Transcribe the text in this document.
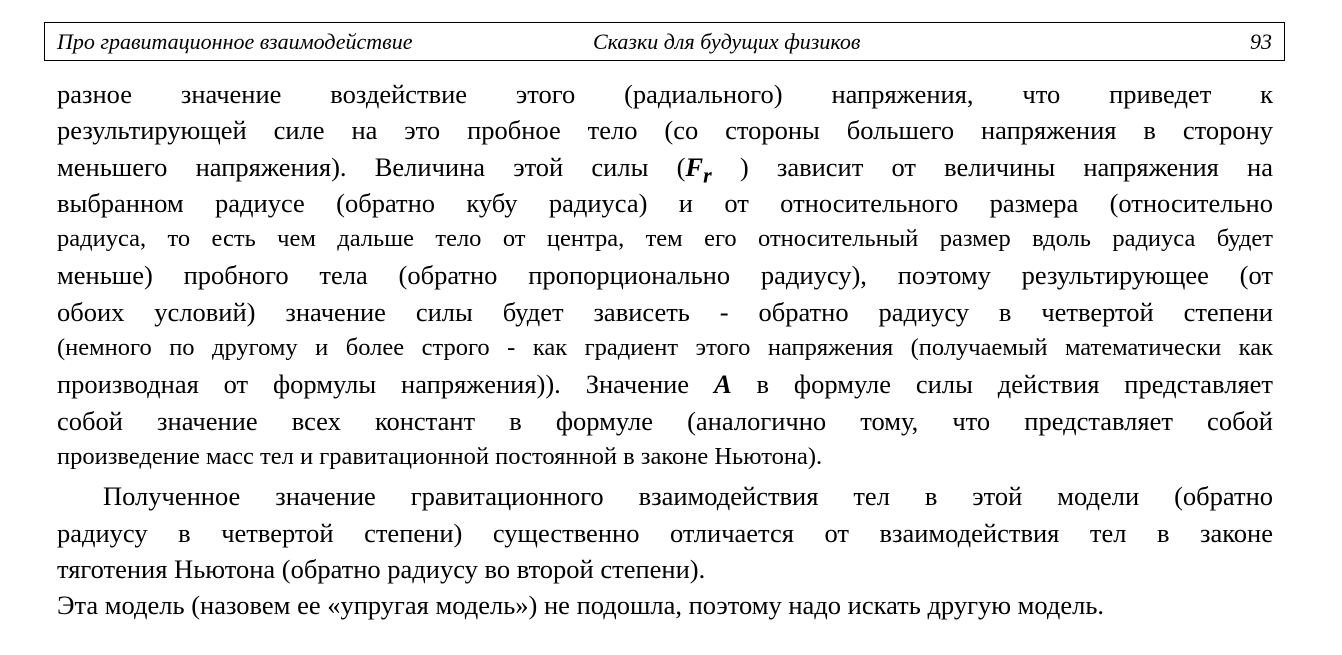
Про гравитационное взаимодействие	Сказки для будущих физиков	93
разное значение воздействие этого (радиального) напряжения, что приведет к
результирующей силе на это пробное тело (со стороны большего напряжения в сторону
меньшего напряжения). Величина этой силы ($F_r$ ) зависит от величины напряжения на
выбранном радиусе (обратно кубу радиуса) и от относительного размера (относительно
радиуса, то есть чем дальше тело от центра, тем его относительный размер вдоль радиуса будет
меньше) пробного тела (обратно пропорционально радиусу), поэтому результирующее (от
обоих условий) значение силы будет зависеть - обратно радиусу в четвертой степени
(немного по другому и более строго - как градиент этого напряжения (получаемый математически как
производная от формулы напряжения)). Значение A в формуле силы действия представляет
собой значение всех констант в формуле (аналогично тому, что представляет собой
произведение масс тел и гравитационной постоянной в законе Ньютона).
Полученное значение гравитационного взаимодействия тел в этой модели (обратно
радиусу в четвертой степени) существенно отличается от взаимодействия тел в законе
тяготения Ньютона (обратно радиусу во второй степени).
Эта модель (назовем ее «упругая модель») не подошла, поэтому надо искать другую модель.
